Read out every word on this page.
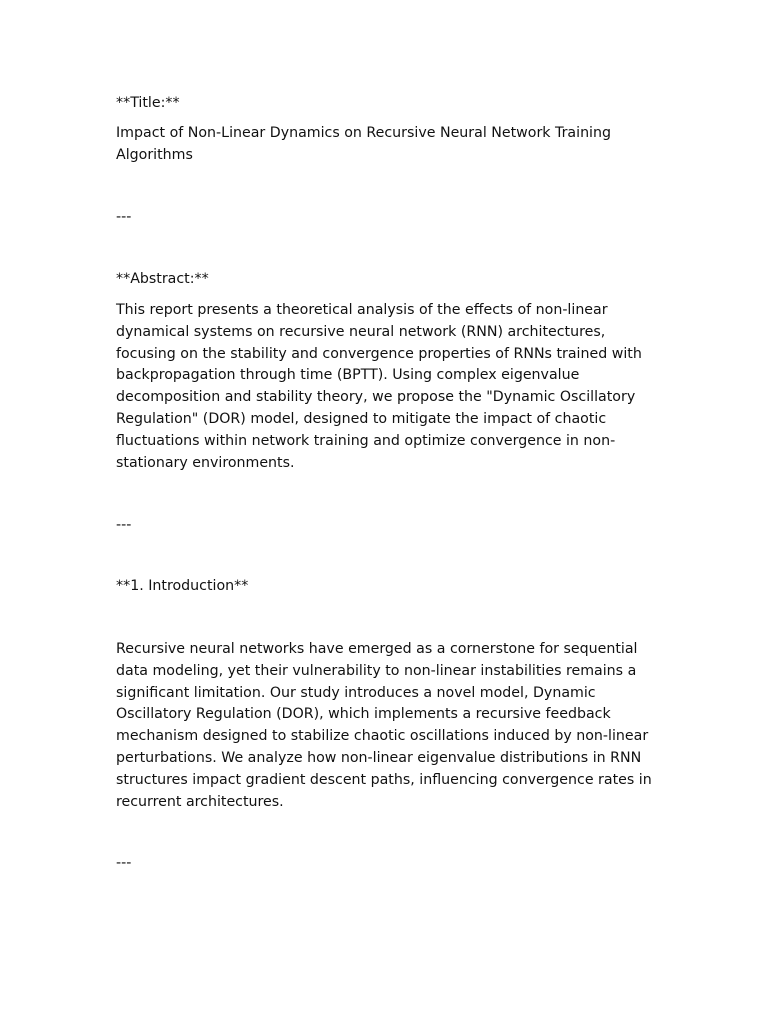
**Title:**

Impact of Non-Linear Dynamics on Recursive Neural Network Training Algorithms

---

**Abstract:**

This report presents a theoretical analysis of the effects of non-linear dynamical systems on recursive neural network (RNN) architectures, focusing on the stability and convergence properties of RNNs trained with backpropagation through time (BPTT). Using complex eigenvalue decomposition and stability theory, we propose the "Dynamic Oscillatory Regulation" (DOR) model, designed to mitigate the impact of chaotic fluctuations within network training and optimize convergence in non-stationary environments.

---

**1. Introduction**

Recursive neural networks have emerged as a cornerstone for sequential data modeling, yet their vulnerability to non-linear instabilities remains a significant limitation. Our study introduces a novel model, Dynamic Oscillatory Regulation (DOR), which implements a recursive feedback mechanism designed to stabilize chaotic oscillations induced by non-linear perturbations. We analyze how non-linear eigenvalue distributions in RNN structures impact gradient descent paths, influencing convergence rates in recurrent architectures.

---
